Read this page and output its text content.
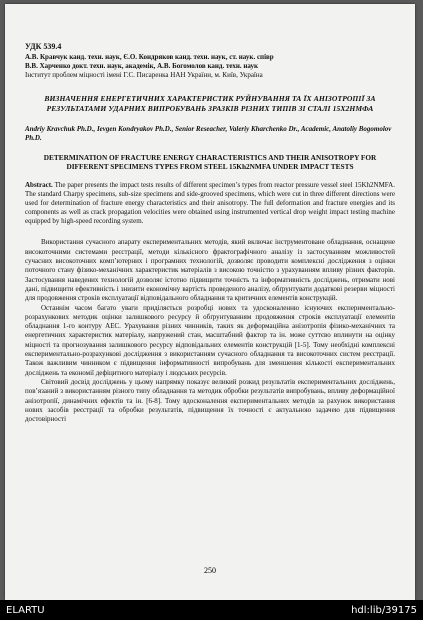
УДК 539.4

А.В. Кравчук канд. техн. наук, Є.О. Кондряков канд. техн. наук, ст. наук. співр

В.В. Харченко докт. техн. наук, академік, А.В. Богомолов канд. техн. наук

Інститут проблем міцності імені Г.С. Писаренка НАН України, м. Київ, Україна

ВИЗНАЧЕННЯ ЕНЕРГЕТИЧНИХ ХАРАКТЕРИСТИК РУЙНУВАННЯ ТА ЇХ АНІЗОТРОПІЇ ЗА РЕЗУЛЬТАТАМИ УДАРНИХ ВИПРОБУВАНЬ ЗРАЗКІВ РІЗНИХ ТИПІВ ЗІ СТАЛІ 15Х2НМФА
Andriy Kravchuk Ph.D., Ievgen Kondryakov Ph.D., Senior Reseacher, Valeriy Kharchenko Dr., Academic, Anatoliy Bogomolov Ph.D.
DETERMINATION OF FRACTURE ENERGY CHARACTERISTICS AND THEIR ANISOTROPY FOR DIFFERENT SPECIMENS TYPES FROM STEEL 15Kh2NMFA UNDER IMPACT TESTS
Abstract. The paper presents the impact tests results of different specimen’s types from reactor pressure vessel steel 15Kh2NMFA. The standard Charpy specimens, sub-size specimens and side-grooved specimens, which were cut in three different directions were used for determination of fracture energy characteristics and their anisotropy. The full deformation and fracture energies and its components as well as crack propagation velocities were obtained using instrumented vertical drop weight impact testing machine equipped by high-speed recording system.

Використання сучасного апарату експериментальних методів, який включає інструментоване обладнання, оснащене високоточними системами реєстрації, методи кількісного фрактографічного аналізу із застосуванням можливостей сучасних високоточних комп’ютерних і програмних технологій, дозволяє проводити комплексні дослідження з оцінки поточного стану фізико-механічних характеристик матеріалів з високою точністю з урахуванням впливу різних факторів. Застосування наведених технологій дозволяє істотно підвищити точність та інформативність досліджень, отримати нові дані, підвищити ефективність і знизити економічну вартість проведеного аналізу, обґрунтувати додаткові резерви міцності для продовження строків експлуатації відповідального обладнання та критичних елементів конструкцій.

Останнім часом багато уваги приділяється розробці нових та удосконаленню існуючих експериментально-розрахункових методик оцінки залишкового ресурсу й обґрунтуванням продовження строків експлуатації елементів обладнання 1-го контуру АЕС. Урахування різних чинників, таких як деформаційна анізотропія фізико-механічних та енергетичних характеристик матеріалу, напружений стан, масштабний фактор та ін. може суттєво вплинути на оцінку міцності та прогнозування залишкового ресурсу відповідальних елементів конструкцій [1-5]. Тому необхідні комплексні експериментально-розрахункові дослідження з використанням сучасного обладнання та високоточних систем реєстрації. Також важливим чинником є підвищення інформативності випробувань для зменшення кількості експериментальних досліджень та економії дефіцитного матеріалу і людських ресурсів.

Світовий досвід досліджень у цьому напрямку показує великий розкид результатів експериментальних досліджень, пов’язаний з використанням різного типу обладнання та методик обробки результатів випробувань, впливу деформаційної анізотропії, динамічних ефектів та ін. [6-8]. Тому вдосконалення експериментальних методів за рахунок використання нових засобів реєстрації та обробки результатів, підвищення їх точності є актуальною задачею для підвищення достовірності

250
ELARTU	hdl:lib/39175
